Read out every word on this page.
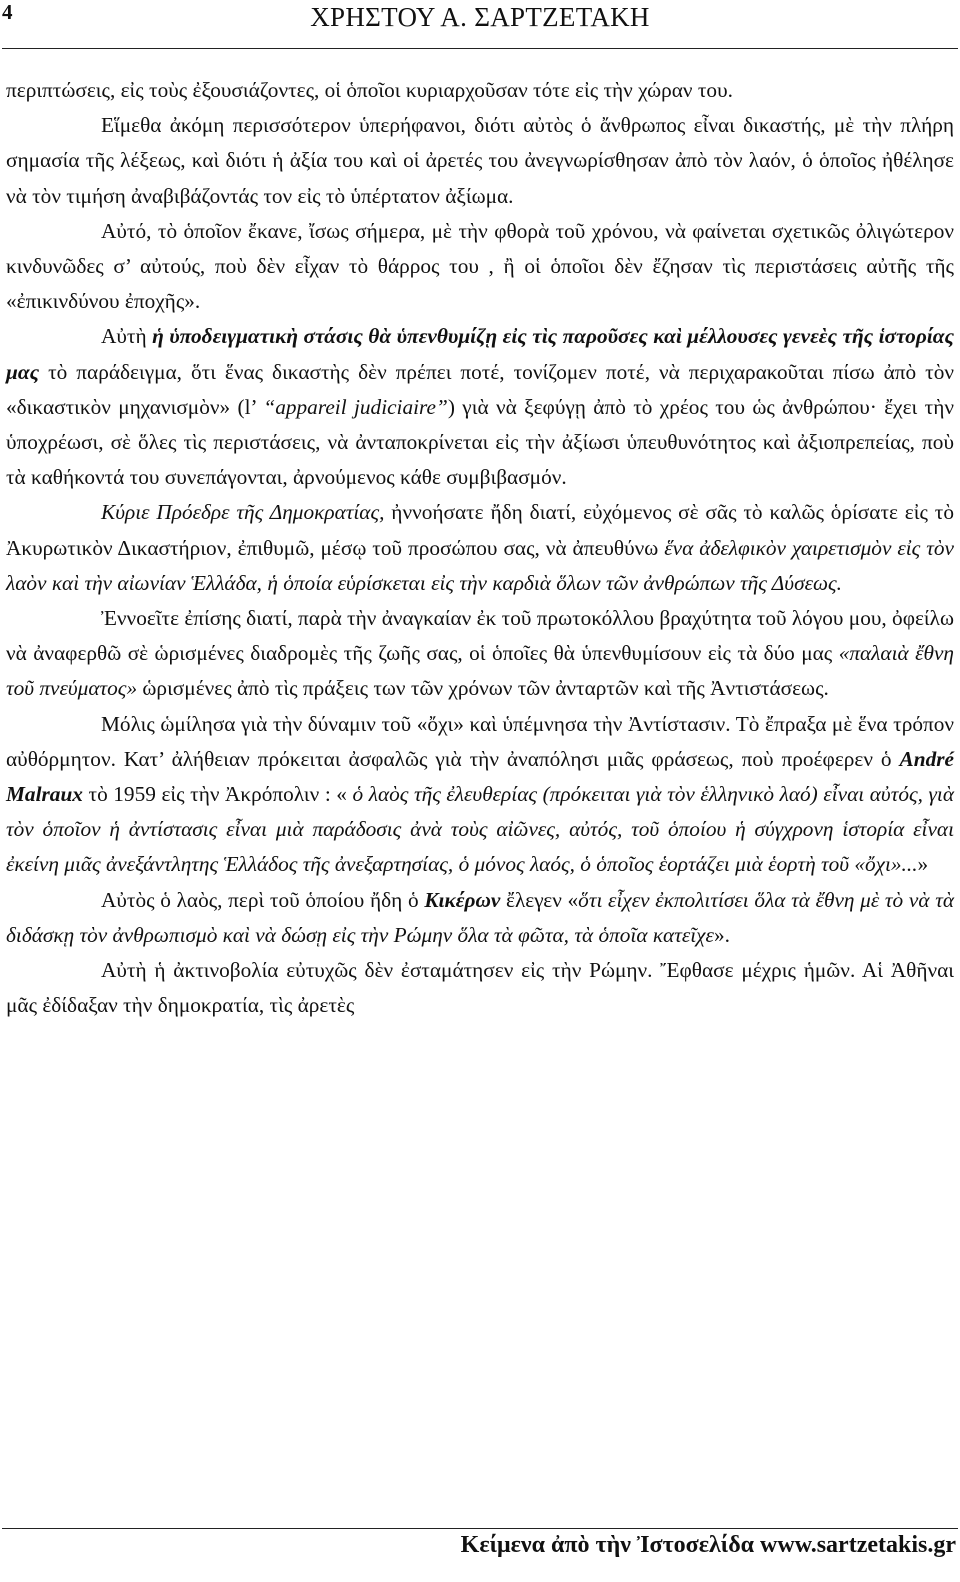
4	ΧΡΗΣΤΟΥ Α. ΣΑΡΤΖΕΤΑΚΗ

περιπτώσεις, εἰς τοὺς ἐξουσιάζοντες, οἱ ὁποῖοι κυριαρχοῦσαν τότε εἰς τὴν χώραν του.

Εἵμεθα ἀκόμη περισσότερον ὑπερήφανοι, διότι αὐτὸς ὁ ἄνθρωπος εἶναι δικαστής, μὲ τὴν πλήρη σημασία τῆς λέξεως, καὶ διότι ἡ ἀξία του καὶ οἱ ἀρετές του ἀνεγνωρίσθησαν ἀπὸ τὸν λαόν, ὁ ὁποῖος ἠθέλησε νὰ τὸν τιμήση ἀναβιβάζοντάς τον εἰς τὸ ὑπέρτατον ἀξίωμα.

Αὐτό, τὸ ὁποῖον ἔκανε, ἴσως σήμερα, μὲ τὴν φθορὰ τοῦ χρόνου, νὰ φαίνεται σχετικῶς ὀλιγώτερον κινδυνῶδες σ’ αὐτούς, ποὺ δὲν εἶχαν τὸ θάρρος του , ἢ οἱ ὁποῖοι δὲν ἔζησαν τὶς περιστάσεις αὐτῆς τῆς «ἐπικινδύνου ἐποχῆς».

Αὐτὴ ἡ ὑποδειγματικὴ στάσις θὰ ὑπενθυμίζῃ εἰς τὶς παροῦσες καὶ μέλλουσες γενεὲς τῆς ἱστορίας μας τὸ παράδειγμα, ὅτι ἕνας δικαστὴς δὲν πρέπει ποτέ, τονίζομεν ποτέ, νὰ περιχαρακοῦται πίσω ἀπὸ τὸν «δικαστικὸν μηχανισμὸν» (l’ “appareil judiciaire”) γιὰ νὰ ξεφύγῃ ἀπὸ τὸ χρέος του ὡς ἀνθρώπου· ἔχει τὴν ὑποχρέωσι, σὲ ὅλες τὶς περιστάσεις, νὰ ἀνταποκρίνεται εἰς τὴν ἀξίωσι ὑπευθυνότητος καὶ ἀξιοπρεπείας, ποὺ τὰ καθήκοντά του συνεπάγονται, ἀρνούμενος κάθε συμβιβασμόν.

Κύριε Πρόεδρε τῆς Δημοκρατίας, ἠννοήσατε ἤδη διατί, εὐχόμενος σὲ σᾶς τὸ καλῶς ὁρίσατε εἰς τὸ Ἀκυρωτικὸν Δικαστήριον, ἐπιθυμῶ, μέσῳ τοῦ προσώπου σας, νὰ ἀπευθύνω ἕνα ἀδελφικὸν χαιρετισμὸν εἰς τὸν λαὸν καὶ τὴν αἰωνίαν Ἑλλάδα, ἡ ὁποία εὑρίσκεται εἰς τὴν καρδιὰ ὅλων τῶν ἀνθρώπων τῆς Δύσεως.

Ἐννοεῖτε ἐπίσης διατί, παρὰ τὴν ἀναγκαίαν ἐκ τοῦ πρωτοκόλλου βραχύτητα τοῦ λόγου μου, ὀφείλω νὰ ἀναφερθῶ σὲ ὡρισμένες διαδρομὲς τῆς ζωῆς σας, οἱ ὁποῖες θὰ ὑπενθυμίσουν εἰς τὰ δύο μας «παλαιὰ ἔθνη τοῦ πνεύματος» ὡρισμένες ἀπὸ τὶς πράξεις των τῶν χρόνων τῶν ἀνταρτῶν καὶ τῆς Ἀντιστάσεως.

Μόλις ὡμίλησα γιὰ τὴν δύναμιν τοῦ «ὄχι» καὶ ὑπέμνησα τὴν Ἀντίστασιν. Τὸ ἔπραξα μὲ ἕνα τρόπον αὐθόρμητον. Κατ’ ἀλήθειαν πρόκειται ἀσφαλῶς γιὰ τὴν ἀναπόλησι μιᾶς φράσεως, ποὺ προέφερεν ὁ André Malraux τὸ 1959 εἰς τὴν Ἀκρόπολιν : « ὁ λαὸς τῆς ἐλευθερίας (πρόκειται γιὰ τὸν ἑλληνικὸ λαό) εἶναι αὐτός, γιὰ τὸν ὁποῖον ἡ ἀντίστασις εἶναι μιὰ παράδοσις ἀνὰ τοὺς αἰῶνες, αὐτός, τοῦ ὁποίου ἡ σύγχρονη ἱστορία εἶναι ἐκείνη μιᾶς ἀνεξάντλητης Ἑλλάδος τῆς ἀνεξαρτησίας, ὁ μόνος λαός, ὁ ὁποῖος ἑορτάζει μιὰ ἑορτὴ τοῦ «ὄχι»...»

Αὐτὸς ὁ λαὸς, περὶ τοῦ ὁποίου ἤδη ὁ Κικέρων ἔλεγεν «ὅτι εἶχεν ἐκπολιτίσει ὅλα τὰ ἔθνη μὲ τὸ νὰ τὰ διδάσκῃ τὸν ἀνθρωπισμὸ καὶ νὰ δώσῃ εἰς τὴν Ρώμην ὅλα τὰ φῶτα, τὰ ὁποῖα κατεῖχε».

Αὐτὴ ἡ ἀκτινοβολία εὐτυχῶς δὲν ἐσταμάτησεν εἰς τὴν Ρώμην. Ἔφθασε μέχρις ἡμῶν. Αἱ Ἀθῆναι μᾶς ἐδίδαξαν τὴν δημοκρατία, τὶς ἀρετὲς

Κείμενα ἀπὸ τὴν Ἰστοσελίδα www.sartzetakis.gr
